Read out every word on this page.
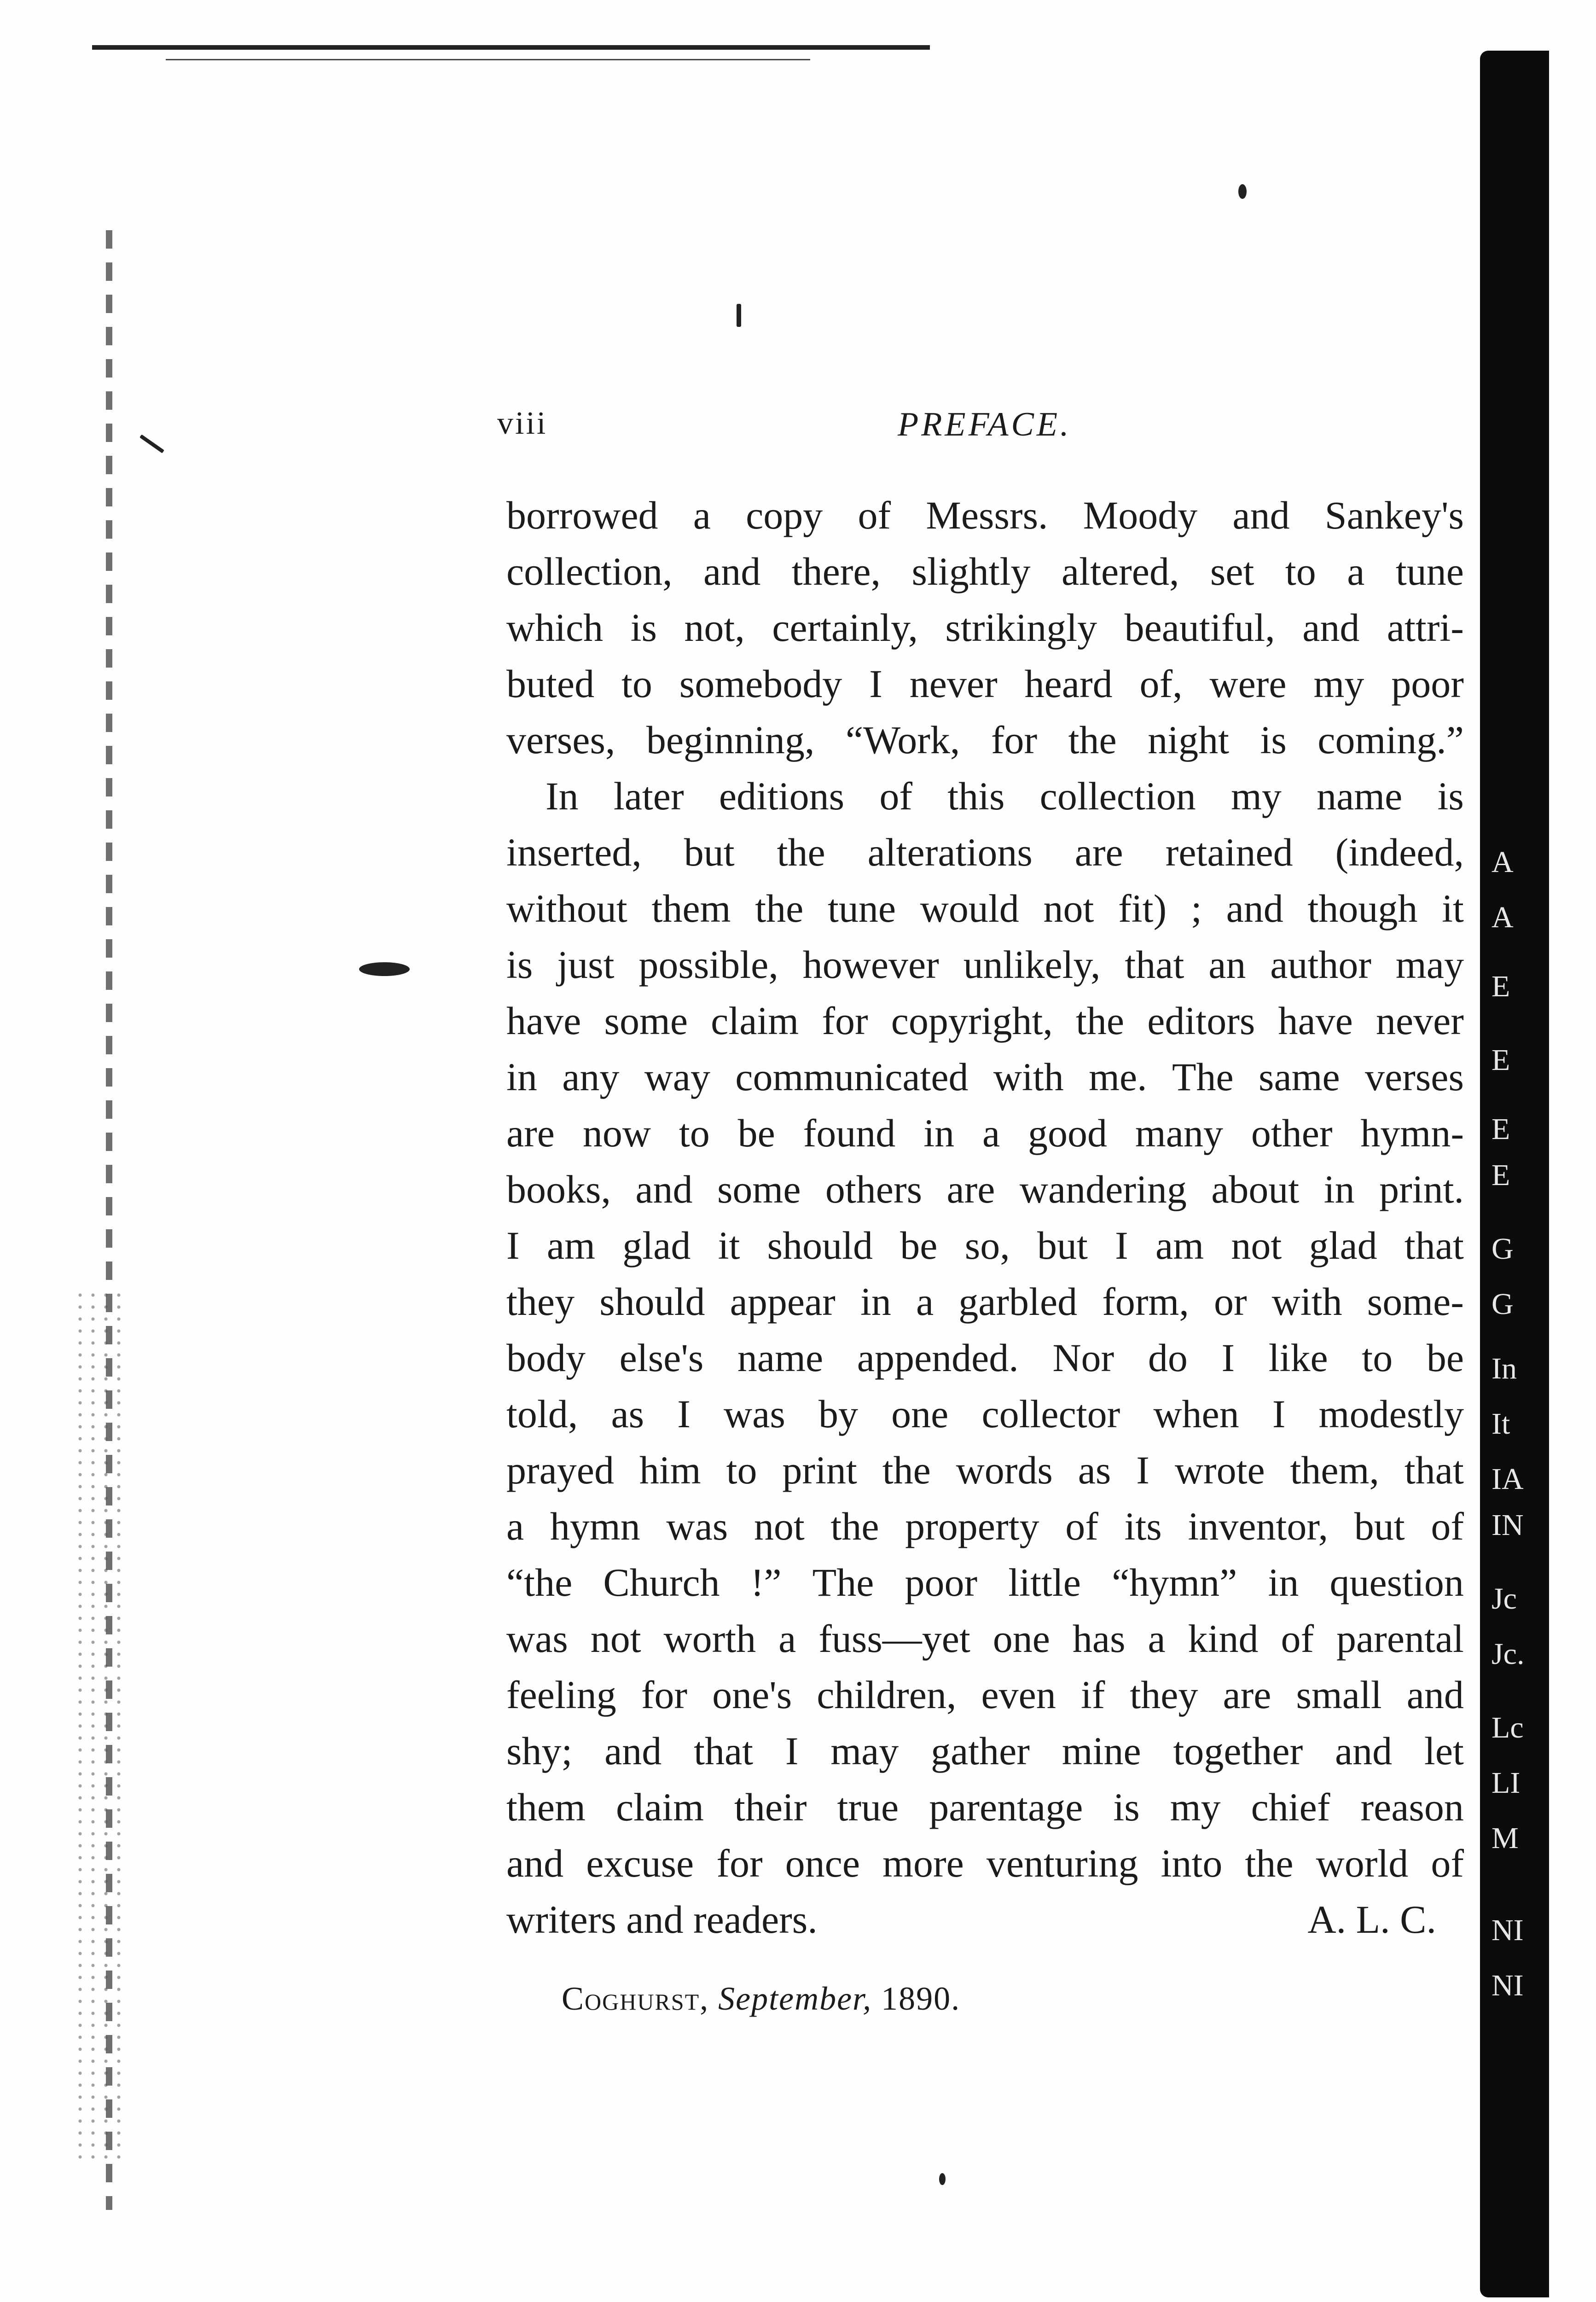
A
A
E
E
E
E
G
G
In
It
IA
IN
Jc
Jc.
Lc
LI
M
NI
NI
viii	PREFACE.
borrowed a copy of Messrs. Moody and Sankey's
collection, and there, slightly altered, set to a tune
which is not, certainly, strikingly beautiful, and attri-
buted to somebody I never heard of, were my poor
verses, beginning, “Work, for the night is coming.”
In later editions of this collection my name is
inserted, but the alterations are retained (indeed,
without them the tune would not fit) ; and though it
is just possible, however unlikely, that an author may
have some claim for copyright, the editors have never
in any way communicated with me. The same verses
are now to be found in a good many other hymn-
books, and some others are wandering about in print.
I am glad it should be so, but I am not glad that
they should appear in a garbled form, or with some-
body else's name appended. Nor do I like to be
told, as I was by one collector when I modestly
prayed him to print the words as I wrote them, that
a hymn was not the property of its inventor, but of
“the Church !” The poor little “hymn” in question
was not worth a fuss—yet one has a kind of parental
feeling for one's children, even if they are small and
shy; and that I may gather mine together and let
them claim their true parentage is my chief reason
and excuse for once more venturing into the world of
writers and readers.	A. L. C.
Coghurst, September, 1890.
